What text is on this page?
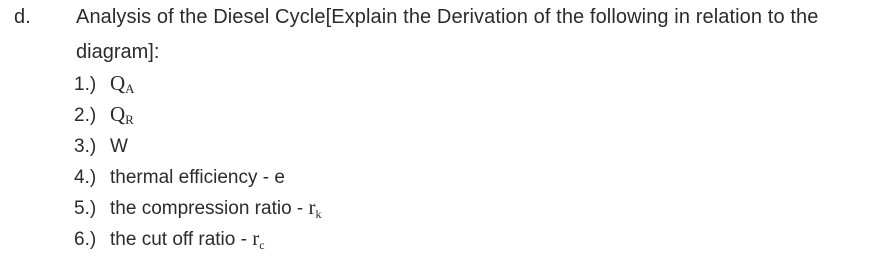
d. Analysis of the Diesel Cycle[Explain the Derivation of the following in relation to the
diagram]:
1.) $Q_A$
2.) $Q_R$
3.) W
4.) thermal efficiency - e
5.) the compression ratio - $r_k$
6.) the cut off ratio - $r_c$
